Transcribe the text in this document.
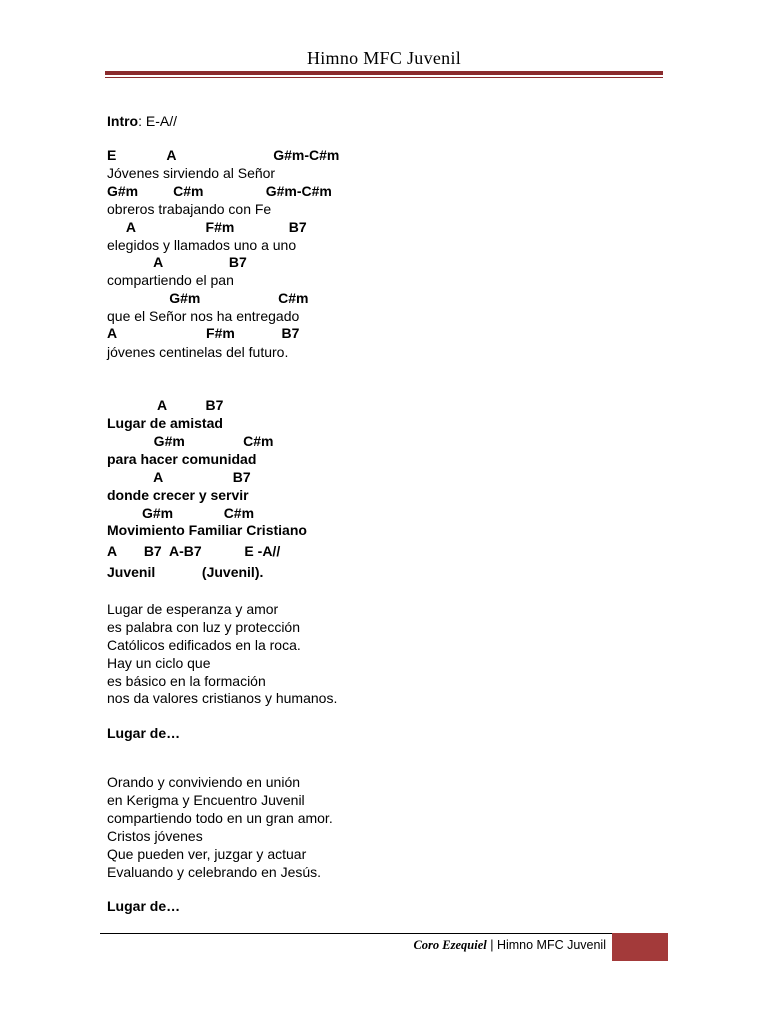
Himno MFC Juvenil
Intro: E-A//
E             A                         G#m-C#m
Jóvenes sirviendo al Señor
G#m         C#m                G#m-C#m
obreros trabajando con Fe
A                  F#m              B7
elegidos y llamados uno a uno
A                 B7
compartiendo el pan
G#m                    C#m
que el Señor nos ha entregado
A                       F#m            B7
jóvenes centinelas del futuro.
A          B7
Lugar de amistad
G#m               C#m
para hacer comunidad
A                  B7
donde crecer y servir
G#m             C#m
Movimiento Familiar Cristiano
A       B7  A-B7           E -A//
Juvenil            (Juvenil).
Lugar de esperanza y amor
es palabra con luz y protección
Católicos edificados en la roca.
Hay un ciclo que
es básico en la formación
nos da valores cristianos y humanos.
Lugar de…
Orando y conviviendo en unión
en Kerigma y Encuentro Juvenil
compartiendo todo en un gran amor.
Cristos jóvenes
Que pueden ver, juzgar y actuar
Evaluando y celebrando en Jesús.
Lugar de…
Coro Ezequiel | Himno MFC Juvenil
